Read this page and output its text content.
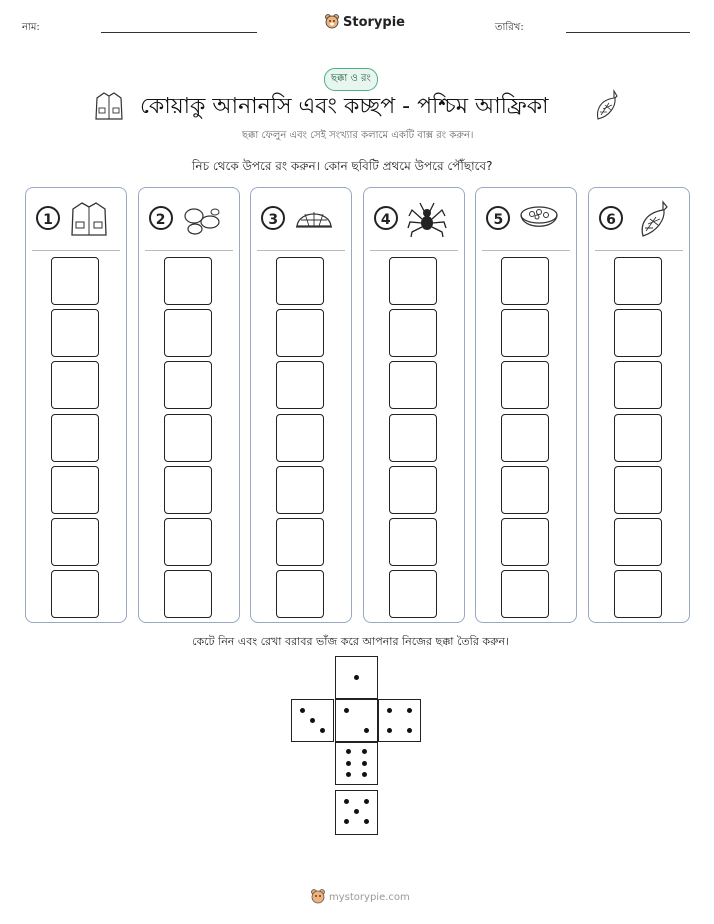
নাম:	Storypie	তারিখ:
ছক্কা ও রং
কোয়াকু আনানসি এবং কচ্ছপ - পশ্চিম আফ্রিকা
ছক্কা ফেলুন এবং সেই সংখ্যার কলামে একটি বাক্স রং করুন।
নিচ থেকে উপরে রং করুন। কোন ছবিটি প্রথমে উপরে পৌঁছাবে?
1	2	3	4	5	6
কেটে নিন এবং রেখা বরাবর ভাঁজ করে আপনার নিজের ছক্কা তৈরি করুন।
mystorypie.com
